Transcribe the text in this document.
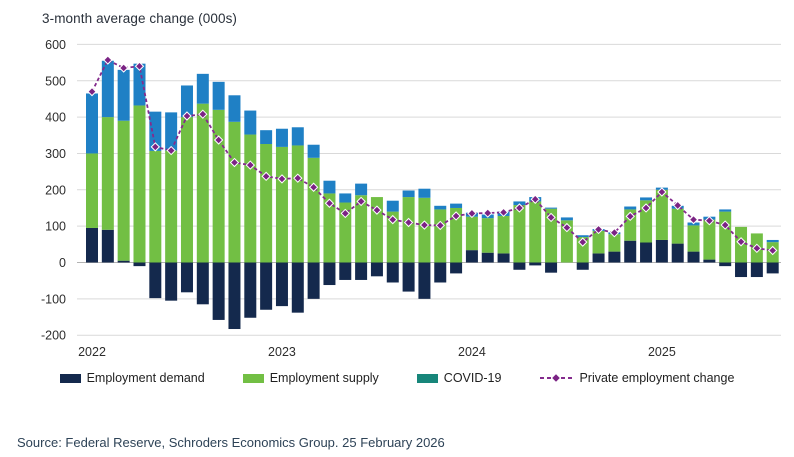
3-month average change (000s)
600
500
400
300
200
100
0
-100
-200
2022	2023	2024	2025
Employment demand	Employment supply	COVID-19	Private employment change
Source: Federal Reserve, Schroders Economics Group. 25 February 2026
